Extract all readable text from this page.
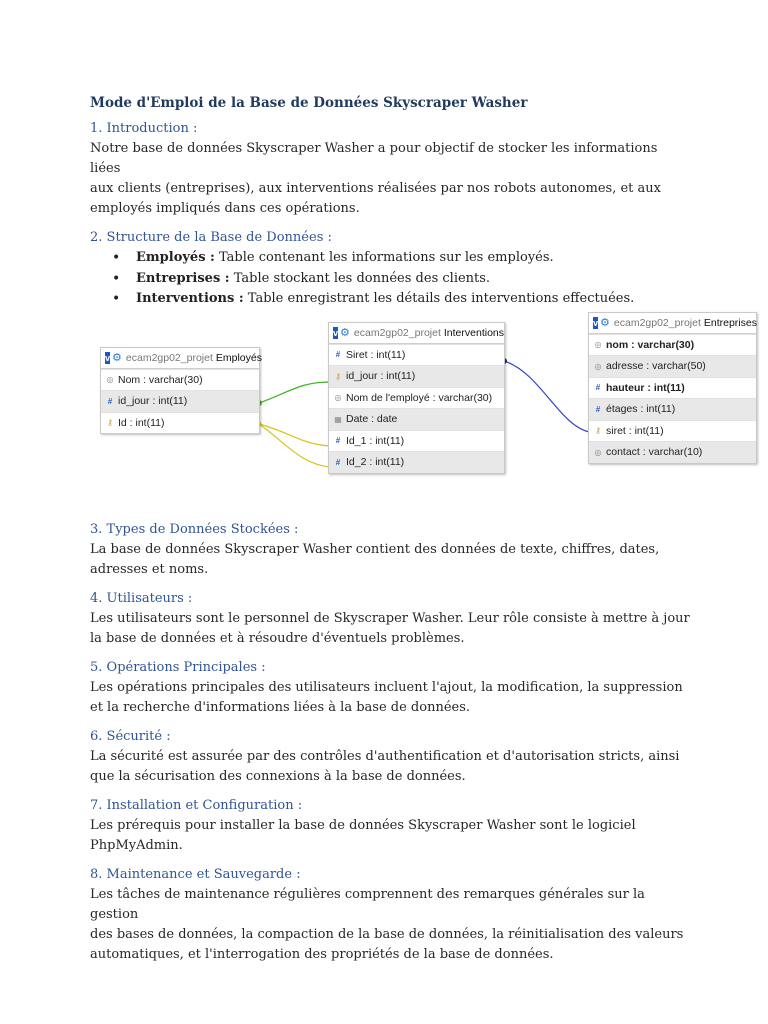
Mode d'Emploi de la Base de Données Skyscraper Washer
1. Introduction :
Notre base de données Skyscraper Washer a pour objectif de stocker les informations liées
aux clients (entreprises), aux interventions réalisées par nos robots autonomes, et aux
employés impliqués dans ces opérations.
2. Structure de la Base de Données :
• Employés : Table contenant les informations sur les employés.
• Entreprises : Table stockant les données des clients.
• Interventions : Table enregistrant les détails des interventions effectuées.
v ⚙ ecam2gp02_projet Employés
◎ Nom : varchar(30)
# id_jour : int(11)
⚷ Id : int(11)
v ⚙ ecam2gp02_projet Interventions
# Siret : int(11)
⚷ id_jour : int(11)
◎ Nom de l'employé : varchar(30)
▦ Date : date
# Id_1 : int(11)
# Id_2 : int(11)
v ⚙ ecam2gp02_projet Entreprises
◎ nom : varchar(30)
◎ adresse : varchar(50)
# hauteur : int(11)
# étages : int(11)
⚷ siret : int(11)
◎ contact : varchar(10)
3. Types de Données Stockées :
La base de données Skyscraper Washer contient des données de texte, chiffres, dates,
adresses et noms.
4. Utilisateurs :
Les utilisateurs sont le personnel de Skyscraper Washer. Leur rôle consiste à mettre à jour
la base de données et à résoudre d'éventuels problèmes.
5. Opérations Principales :
Les opérations principales des utilisateurs incluent l'ajout, la modification, la suppression
et la recherche d'informations liées à la base de données.
6. Sécurité :
La sécurité est assurée par des contrôles d'authentification et d'autorisation stricts, ainsi
que la sécurisation des connexions à la base de données.
7. Installation et Configuration :
Les prérequis pour installer la base de données Skyscraper Washer sont le logiciel
PhpMyAdmin.
8. Maintenance et Sauvegarde :
Les tâches de maintenance régulières comprennent des remarques générales sur la gestion
des bases de données, la compaction de la base de données, la réinitialisation des valeurs
automatiques, et l'interrogation des propriétés de la base de données.
